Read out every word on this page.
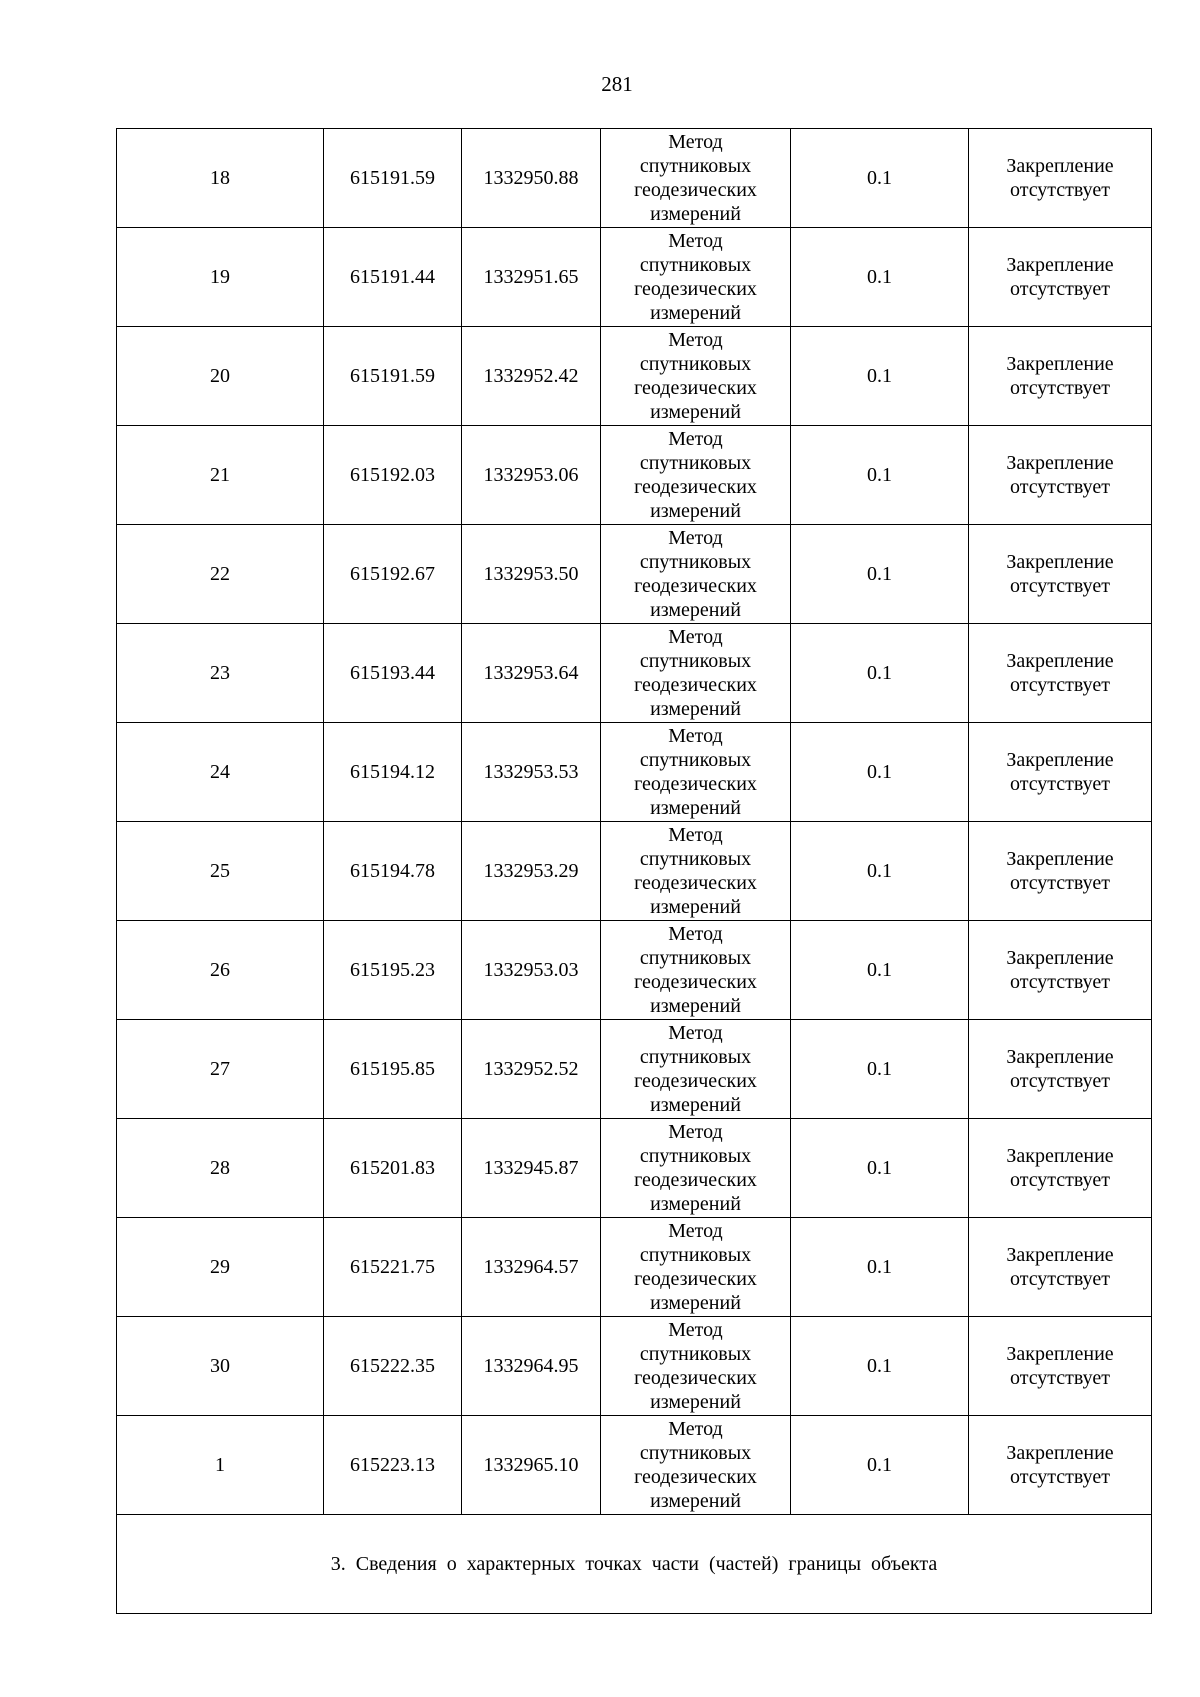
281
18	615191.59	1332950.88	Метод
спутниковых
геодезических
измерений	0.1	Закрепление
отсутствует

19	615191.44	1332951.65	Метод
спутниковых
геодезических
измерений	0.1	Закрепление
отсутствует

20	615191.59	1332952.42	Метод
спутниковых
геодезических
измерений	0.1	Закрепление
отсутствует

21	615192.03	1332953.06	Метод
спутниковых
геодезических
измерений	0.1	Закрепление
отсутствует

22	615192.67	1332953.50	Метод
спутниковых
геодезических
измерений	0.1	Закрепление
отсутствует

23	615193.44	1332953.64	Метод
спутниковых
геодезических
измерений	0.1	Закрепление
отсутствует

24	615194.12	1332953.53	Метод
спутниковых
геодезических
измерений	0.1	Закрепление
отсутствует

25	615194.78	1332953.29	Метод
спутниковых
геодезических
измерений	0.1	Закрепление
отсутствует

26	615195.23	1332953.03	Метод
спутниковых
геодезических
измерений	0.1	Закрепление
отсутствует

27	615195.85	1332952.52	Метод
спутниковых
геодезических
измерений	0.1	Закрепление
отсутствует

28	615201.83	1332945.87	Метод
спутниковых
геодезических
измерений	0.1	Закрепление
отсутствует

29	615221.75	1332964.57	Метод
спутниковых
геодезических
измерений	0.1	Закрепление
отсутствует

30	615222.35	1332964.95	Метод
спутниковых
геодезических
измерений	0.1	Закрепление
отсутствует

1	615223.13	1332965.10	Метод
спутниковых
геодезических
измерений	0.1	Закрепление
отсутствует

3. Сведения о характерных точках части (частей) границы объекта					
